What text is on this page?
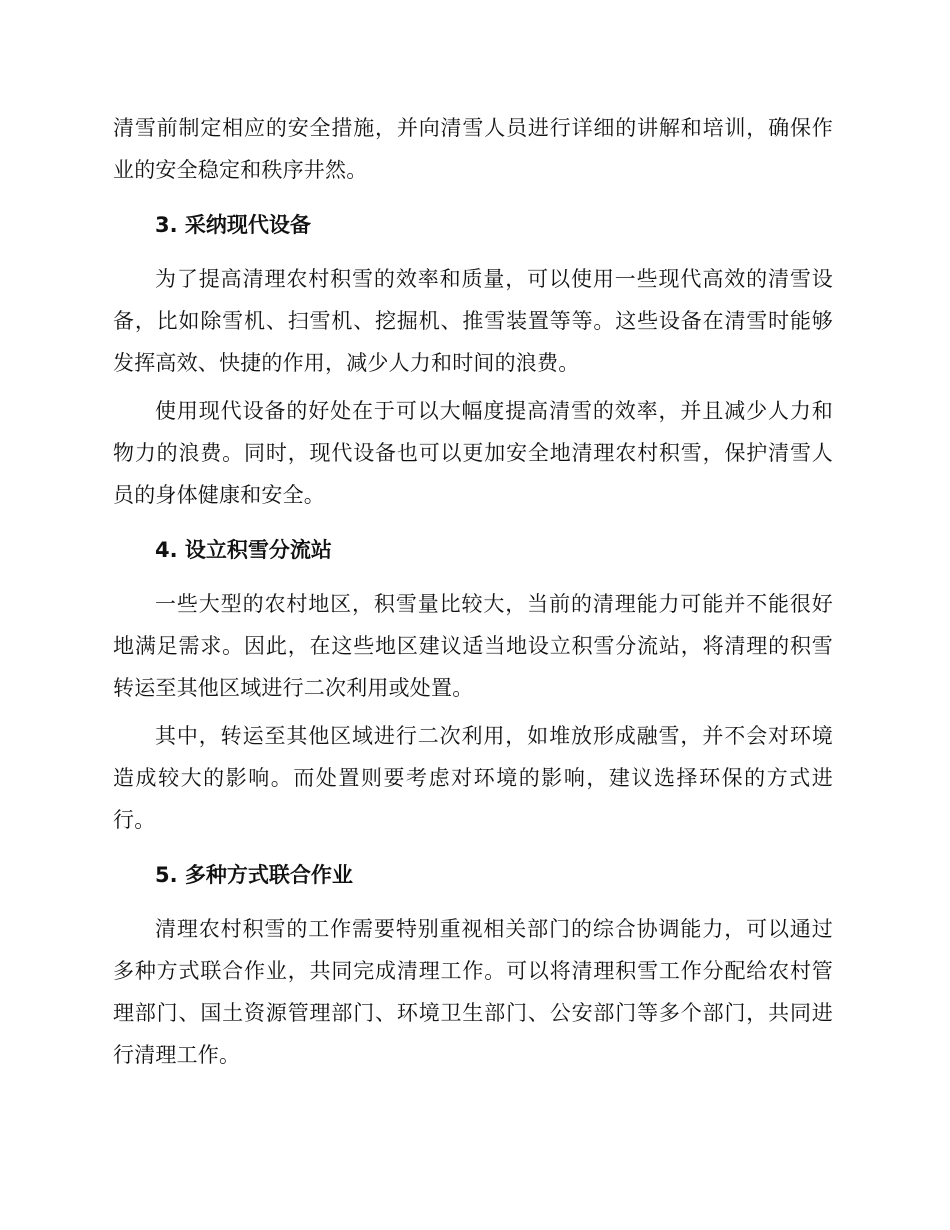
清雪前制定相应的安全措施，并向清雪人员进行详细的讲解和培训，确保作业的安全稳定和秩序井然。

3. 采纳现代设备

为了提高清理农村积雪的效率和质量，可以使用一些现代高效的清雪设备，比如除雪机、扫雪机、挖掘机、推雪装置等等。这些设备在清雪时能够发挥高效、快捷的作用，减少人力和时间的浪费。

使用现代设备的好处在于可以大幅度提高清雪的效率，并且减少人力和物力的浪费。同时，现代设备也可以更加安全地清理农村积雪，保护清雪人员的身体健康和安全。

4. 设立积雪分流站

一些大型的农村地区，积雪量比较大，当前的清理能力可能并不能很好地满足需求。因此，在这些地区建议适当地设立积雪分流站，将清理的积雪转运至其他区域进行二次利用或处置。

其中，转运至其他区域进行二次利用，如堆放形成融雪，并不会对环境造成较大的影响。而处置则要考虑对环境的影响，建议选择环保的方式进行。

5. 多种方式联合作业

清理农村积雪的工作需要特别重视相关部门的综合协调能力，可以通过多种方式联合作业，共同完成清理工作。可以将清理积雪工作分配给农村管理部门、国土资源管理部门、环境卫生部门、公安部门等多个部门，共同进行清理工作。
